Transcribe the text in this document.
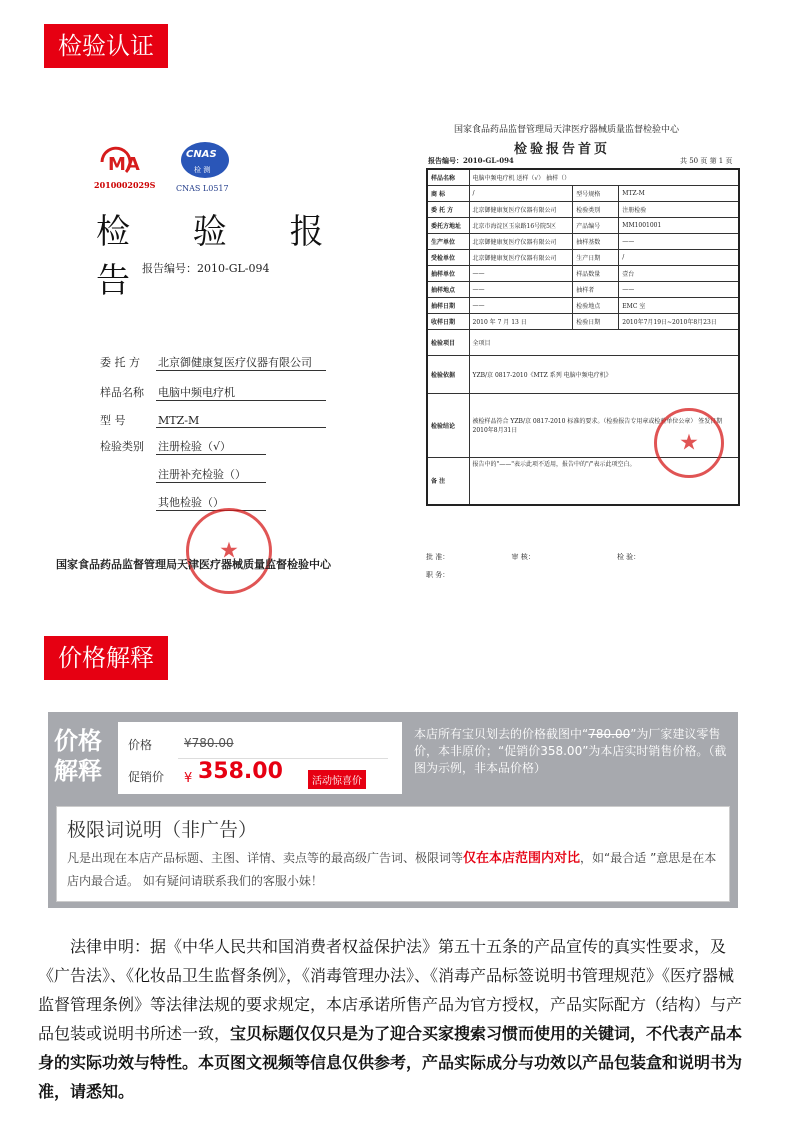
检验认证
MA
2010002029S
CNAS
检 测
CNAS L0517
检 验 报 告
报告编号：2010-GL-094
委 托 方 北京御健康复医疗仪器有限公司
样品名称 电脑中频电疗机
型 号	MTZ-M
检验类别 注册检验（√）
注册补充检验（）
其他检验（）
★
国家食品药品监督管理局天津医疗器械质量监督检验中心
国家食品药品监督管理局天津医疗器械质量监督检验中心
检验报告首页
报告编号：2010-GL-094	共 50 页 第 1 页
样品名称	电脑中频电疗机 送样（√） 抽样（）		
商 标	/	型号规格	MTZ-M
委 托 方	北京御健康复医疗仪器有限公司	检验类别	注册检验
委托方地址	北京市海淀区玉泉路16号院5区	产品编号	MM1001001
生产单位	北京御健康复医疗仪器有限公司	抽样基数	——
受检单位	北京御健康复医疗仪器有限公司	生产日期	/
抽样单位	——	样品数量	壹台
抽样地点	——	抽样者	——
抽样日期	——	检验地点	EMC 室
收样日期	2010 年 7 月 13 日	检验日期	2010年7月19日~2010年8月23日
检验项目	全项目		
检验依据	YZB/京 0817-2010《MTZ 系列 电脑中频电疗机》		
检验结论	被检样品符合 YZB/京 0817-2010 标准的要求。（检验报告专用章或检验单位公章） 签发日期 2010年8月31日		
备 注	报告中的"——"表示此项不适用，报告中的"/"表示此项空白。		
★
批 准：	审 核：	检 验：
职 务：
价格解释
价格解释
价格	¥780.00
促销价 ¥ 358.00	活动惊喜价
本店所有宝贝划去的价格截图中“780.00”为厂家建议零售价，本非原价；“促销价358.00”为本店实时销售价格。（截图为示例，非本品价格）
极限词说明（非广告）
凡是出现在本店产品标题、主图、详情、卖点等的最高级广告词、极限词等仅在本店范围内对比，如“最合适 ”意思是在本店内最合适。 如有疑问请联系我们的客服小妹！
法律申明：据《中华人民共和国消费者权益保护法》第五十五条的产品宣传的真实性要求，及《广告法》、《化妆品卫生监督条例》，《消毒管理办法》、《消毒产品标签说明书管理规范》《医疗器械监督管理条例》等法律法规的要求规定，本店承诺所售产品为官方授权，产品实际配方（结构）与产品包装或说明书所述一致，宝贝标题仅仅只是为了迎合买家搜索习惯而使用的关键词，不代表产品本身的实际功效与特性。本页图文视频等信息仅供参考，产品实际成分与功效以产品包装盒和说明书为准，请悉知。
